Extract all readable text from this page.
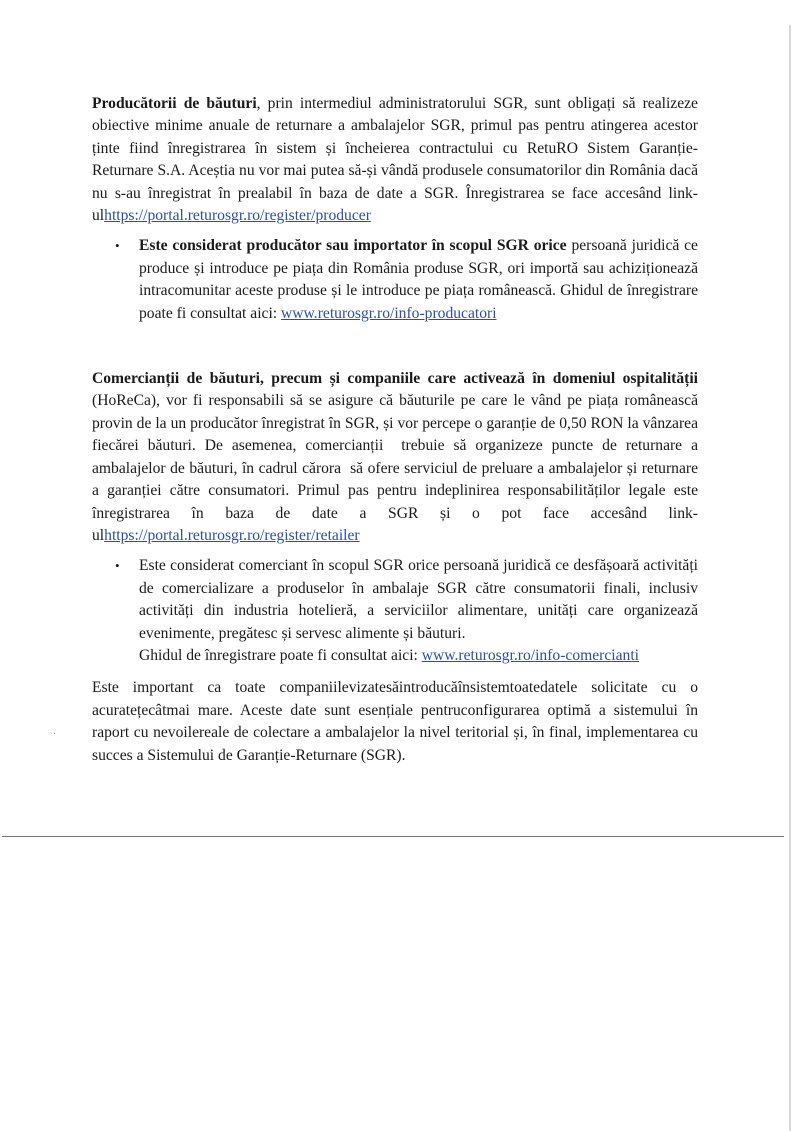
Producătorii de băuturi, prin intermediul administratorului SGR, sunt obligați să realizeze obiective minime anuale de returnare a ambalajelor SGR, primul pas pentru atingerea acestor ținte fiind înregistrarea în sistem și încheierea contractului cu RetuRO Sistem Garanție-Returnare S.A. Aceștia nu vor mai putea să-și vândă produsele consumatorilor din România dacă nu s-au înregistrat în prealabil în baza de date a SGR. Înregistrarea se face accesând link-ulhttps://portal.returosgr.ro/register/producer

• Este considerat producător sau importator în scopul SGR orice persoană juridică ce produce și introduce pe piața din România produse SGR, ori importă sau achiziționează intracomunitar aceste produse și le introduce pe piața românească. Ghidul de înregistrare poate fi consultat aici: www.returosgr.ro/info-producatori

Comercianții de băuturi, precum și companiile care activează în domeniul ospitalității (HoReCa), vor fi responsabili să se asigure că băuturile pe care le vând pe piața românească provin de la un producător înregistrat în SGR, și vor percepe o garanție de 0,50 RON la vânzarea fiecărei băuturi. De asemenea, comercianții  trebuie să organizeze puncte de returnare a ambalajelor de băuturi, în cadrul cărora  să ofere serviciul de preluare a ambalajelor și returnare a garanției către consumatori. Primul pas pentru indeplinirea responsabilităților legale este înregistrarea în baza de date a SGR și o pot face accesând link-ulhttps://portal.returosgr.ro/register/retailer

• Este considerat comerciant în scopul SGR orice persoană juridică ce desfășoară activități de comercializare a produselor în ambalaje SGR către consumatorii finali, inclusiv activități din industria hotelieră, a serviciilor alimentare, unități care organizează evenimente, pregătesc și servesc alimente și băuturi.
Ghidul de înregistrare poate fi consultat aici: www.returosgr.ro/info-comercianti

Este important ca toate companiilevizatesăintroducăînsistemtoatedatele solicitate cu o acuratețecâtmai mare. Aceste date sunt esențiale pentruconfigurarea optimă a sistemului în raport cu nevoilereale de colectare a ambalajelor la nivel teritorial și, în final, implementarea cu succes a Sistemului de Garanție-Returnare (SGR).
